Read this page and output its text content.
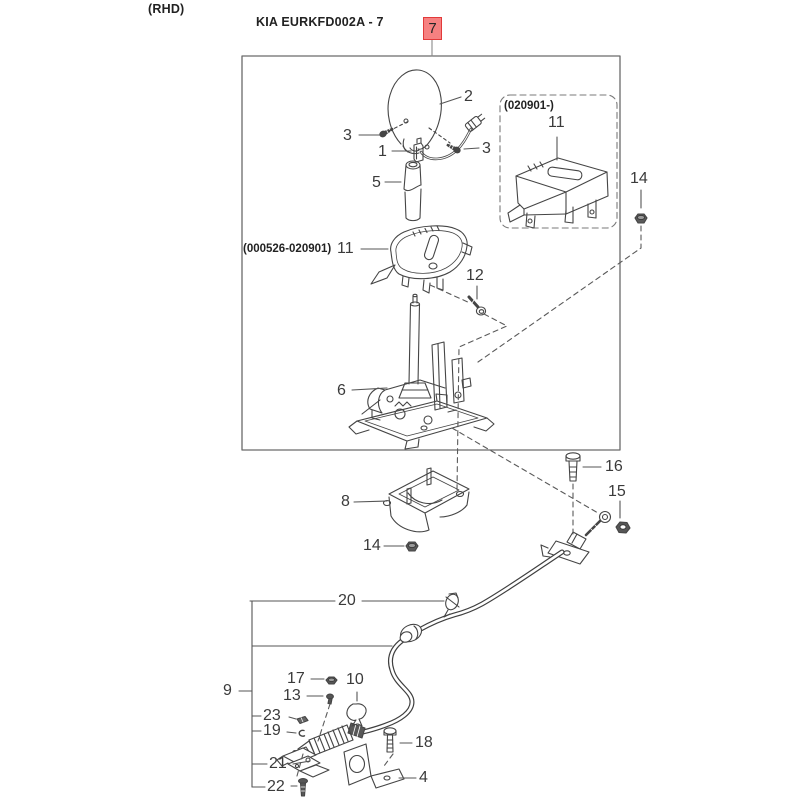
(RHD)
KIA EURKFD002A - 7	7
(020901-)
11
2
3
3
1
5
(000526-020901) 11
12
14
6
8
14
16
15
20
9
17
13
10
23
19
21
22
18
4
